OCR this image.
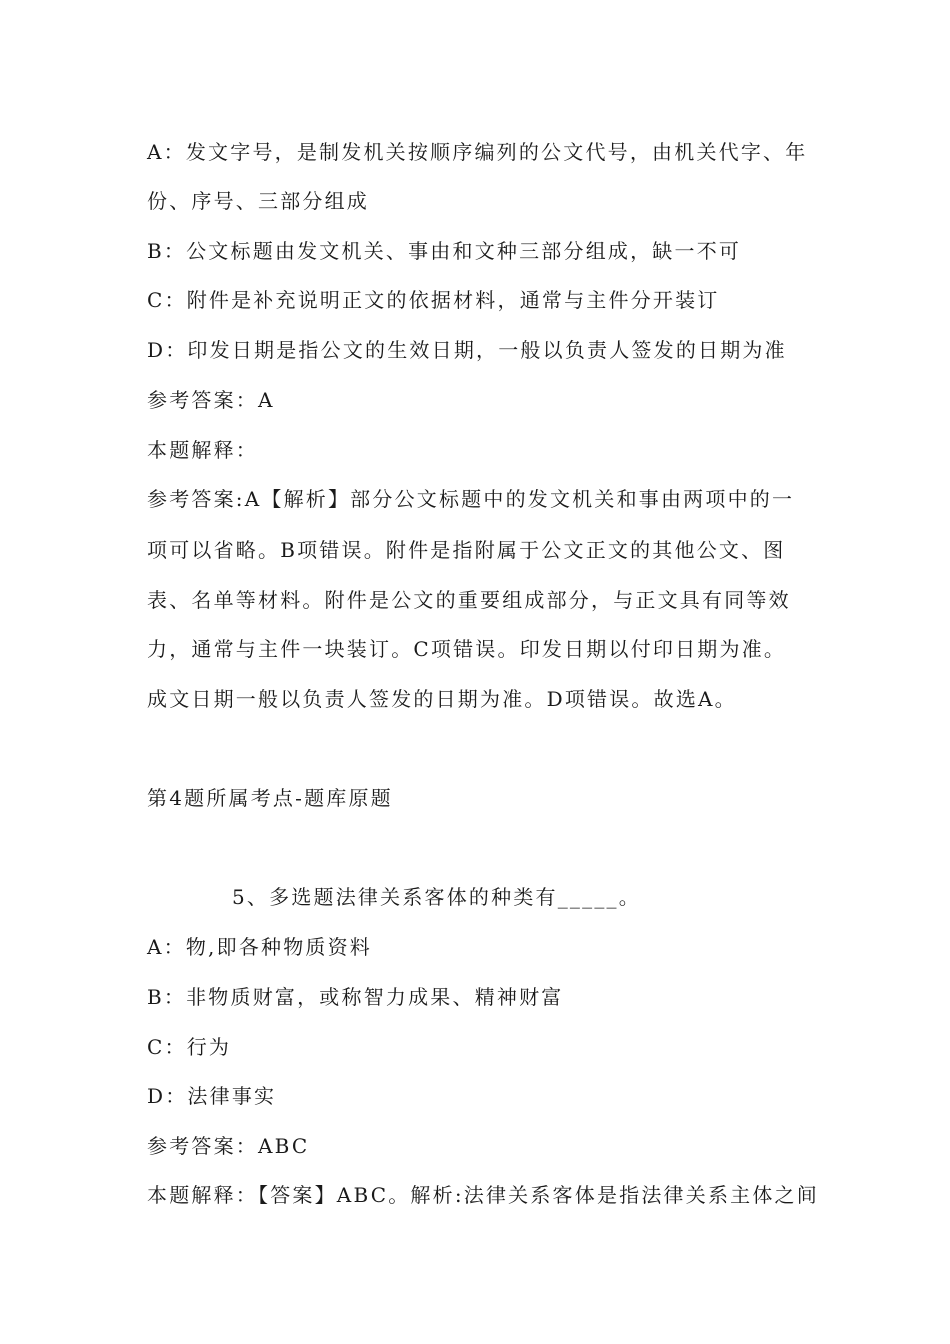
A：发文字号，是制发机关按顺序编列的公文代号，由机关代字、年
份、序号、三部分组成
B：公文标题由发文机关、事由和文种三部分组成，缺一不可
C：附件是补充说明正文的依据材料，通常与主件分开装订
D：印发日期是指公文的生效日期，一般以负责人签发的日期为准
参考答案：A
本题解释：
参考答案:A【解析】部分公文标题中的发文机关和事由两项中的一
项可以省略。B项错误。附件是指附属于公文正文的其他公文、图
表、名单等材料。附件是公文的重要组成部分，与正文具有同等效
力，通常与主件一块装订。C项错误。印发日期以付印日期为准。
成文日期一般以负责人签发的日期为准。D项错误。故选A。
第4题所属考点-题库原题
5、多选题法律关系客体的种类有_____。
A：物,即各种物质资料
B：非物质财富，或称智力成果、精神财富
C：行为
D：法律事实
参考答案：ABC
本题解释：【答案】ABC。解析:法律关系客体是指法律关系主体之间
